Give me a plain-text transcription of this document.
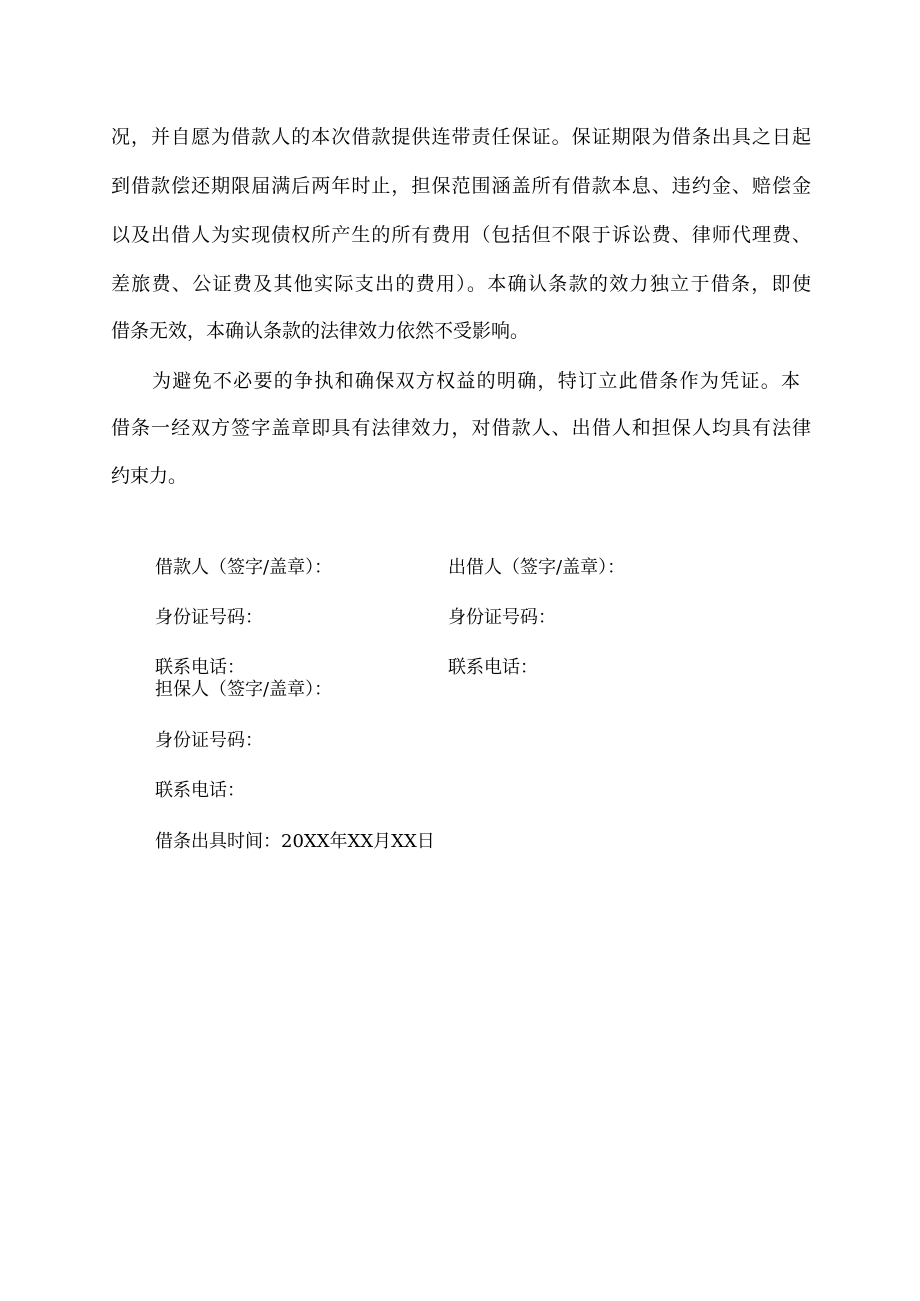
况，并自愿为借款人的本次借款提供连带责任保证。保证期限为借条出具之日起
到借款偿还期限届满后两年时止，担保范围涵盖所有借款本息、违约金、赔偿金
以及出借人为实现债权所产生的所有费用（包括但不限于诉讼费、律师代理费、
差旅费、公证费及其他实际支出的费用）。本确认条款的效力独立于借条，即使
借条无效，本确认条款的法律效力依然不受影响。
为避免不必要的争执和确保双方权益的明确，特订立此借条作为凭证。本
借条一经双方签字盖章即具有法律效力，对借款人、出借人和担保人均具有法律
约束力。
借款人（签字/盖章）：
身份证号码：
联系电话：
出借人（签字/盖章）：
身份证号码：
联系电话：
担保人（签字/盖章）：
身份证号码：
联系电话：
借条出具时间：20XX年XX月XX日
